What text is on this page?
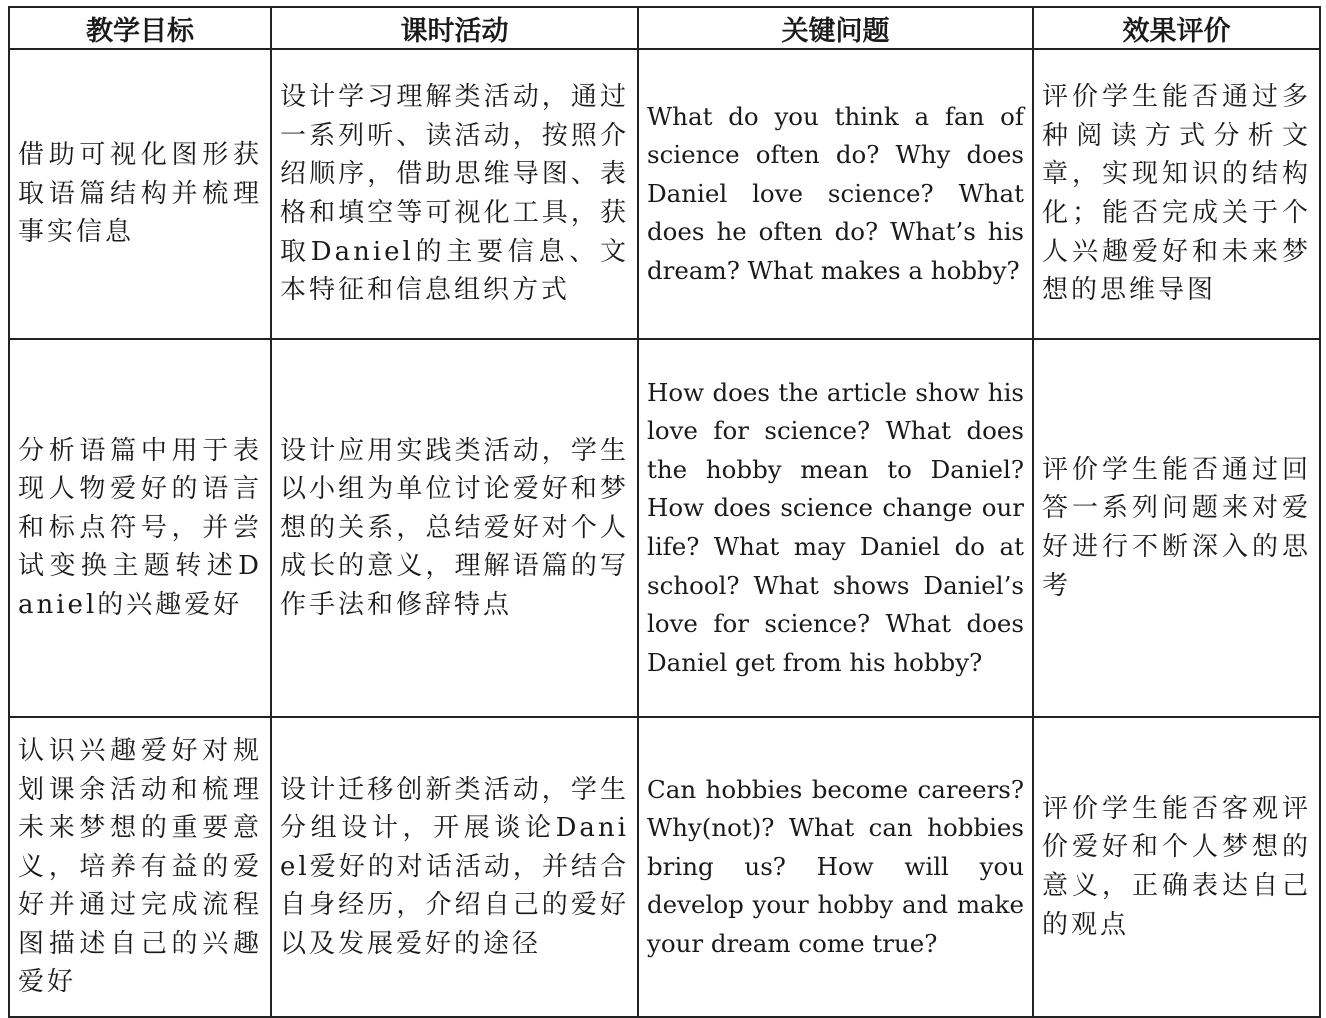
教学目标	课时活动	关键问题	效果评价
借助可视化图形获取语篇结构并梳理事实信息	设计学习理解类活动，通过一系列听、读活动，按照介绍顺序，借助思维导图、表格和填空等可视化工具，获取Daniel的主要信息、文本特征和信息组织方式	What do you think a fan of science often do? Why does Daniel love science? What does he often do? What’s his dream? What makes a hobby?	评价学生能否通过多种阅读方式分析文章，实现知识的结构化；能否完成关于个人兴趣爱好和未来梦想的思维导图
分析语篇中用于表现人物爱好的语言和标点符号，并尝试变换主题转述Daniel的兴趣爱好	设计应用实践类活动，学生以小组为单位讨论爱好和梦想的关系，总结爱好对个人成长的意义，理解语篇的写作手法和修辞特点	How does the article show his love for science? What does the hobby mean to Daniel? How does science change our life? What may Daniel do at school? What shows Daniel’s love for science? What does Daniel get from his hobby?	评价学生能否通过回答一系列问题来对爱好进行不断深入的思考
认识兴趣爱好对规划课余活动和梳理未来梦想的重要意义，培养有益的爱好并通过完成流程图描述自己的兴趣爱好	设计迁移创新类活动，学生分组设计，开展谈论Daniel爱好的对话活动，并结合自身经历，介绍自己的爱好以及发展爱好的途径	Can hobbies become careers? Why(not)? What can hobbies bring us? How will you develop your hobby and make your dream come true?	评价学生能否客观评价爱好和个人梦想的意义，正确表达自己的观点
